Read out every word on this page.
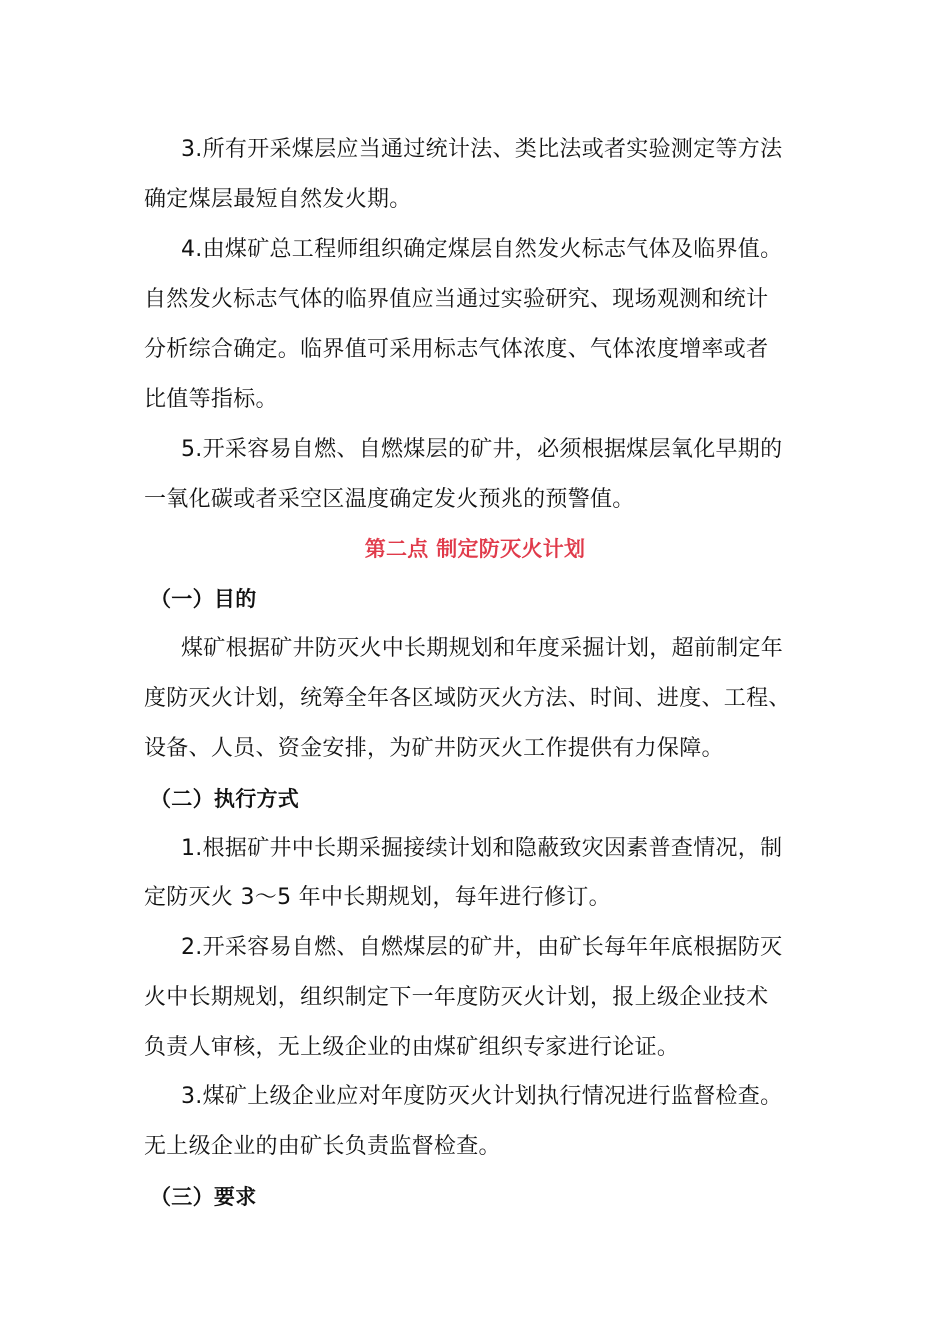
3.所有开采煤层应当通过统计法、类比法或者实验测定等方法
确定煤层最短自然发火期。
4.由煤矿总工程师组织确定煤层自然发火标志气体及临界值。
自然发火标志气体的临界值应当通过实验研究、现场观测和统计
分析综合确定。临界值可采用标志气体浓度、气体浓度增率或者
比值等指标。
5.开采容易自燃、自燃煤层的矿井，必须根据煤层氧化早期的
一氧化碳或者采空区温度确定发火预兆的预警值。
第二点 制定防灭火计划
（一）目的
煤矿根据矿井防灭火中长期规划和年度采掘计划，超前制定年
度防灭火计划，统筹全年各区域防灭火方法、时间、进度、工程、
设备、人员、资金安排，为矿井防灭火工作提供有力保障。
（二）执行方式
1.根据矿井中长期采掘接续计划和隐蔽致灾因素普查情况，制
定防灭火 3～5 年中长期规划，每年进行修订。
2.开采容易自燃、自燃煤层的矿井，由矿长每年年底根据防灭
火中长期规划，组织制定下一年度防灭火计划，报上级企业技术
负责人审核，无上级企业的由煤矿组织专家进行论证。
3.煤矿上级企业应对年度防灭火计划执行情况进行监督检查。
无上级企业的由矿长负责监督检查。
（三）要求
